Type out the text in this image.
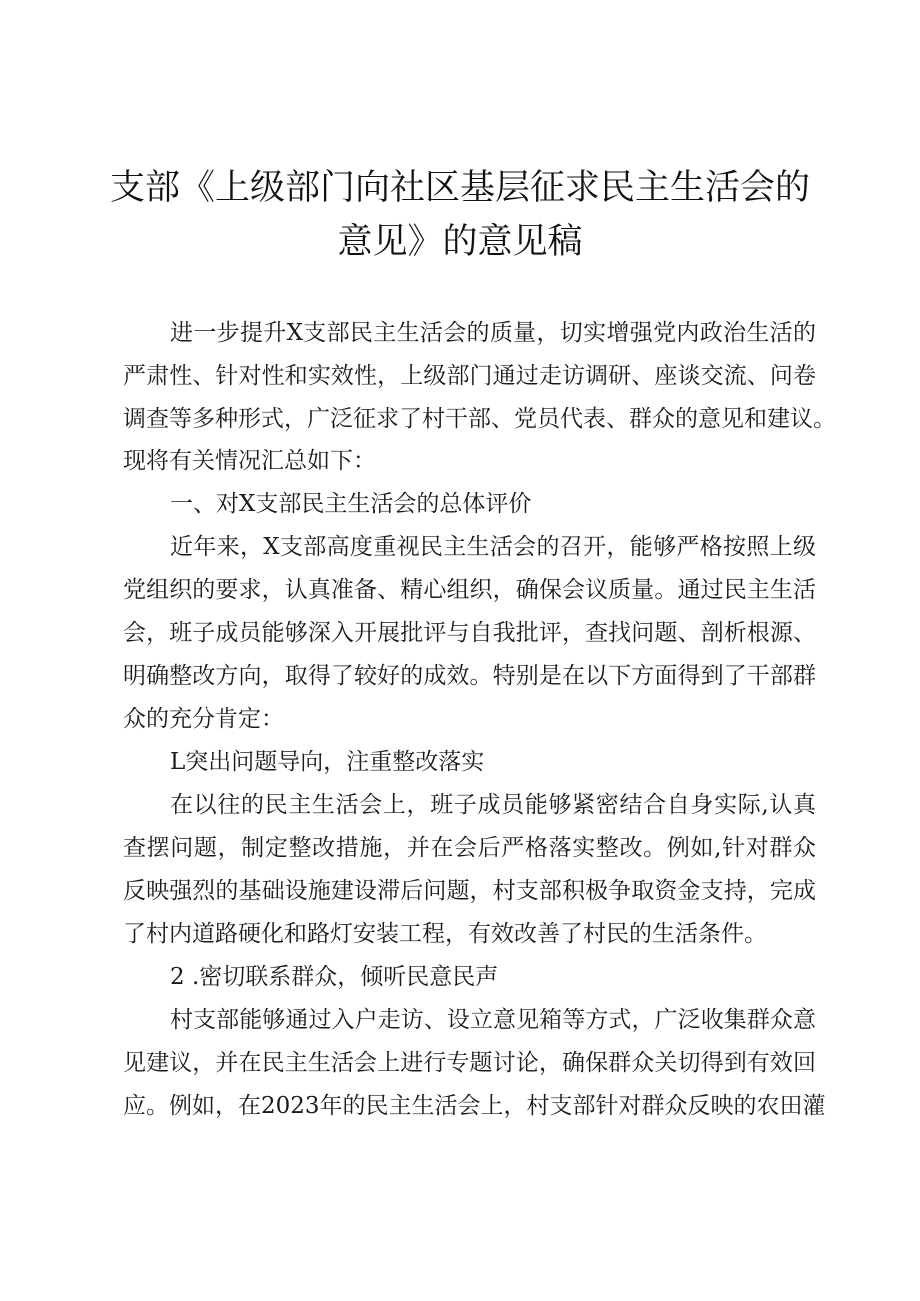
支部《上级部门向社区基层征求民主生活会的
意见》的意见稿
进一步提升X支部民主生活会的质量，切实增强党内政治生活的
严肃性、针对性和实效性，上级部门通过走访调研、座谈交流、问卷
调查等多种形式，广泛征求了村干部、党员代表、群众的意见和建议。
现将有关情况汇总如下：
一、对X支部民主生活会的总体评价
近年来，X支部高度重视民主生活会的召开，能够严格按照上级
党组织的要求，认真准备、精心组织，确保会议质量。通过民主生活
会，班子成员能够深入开展批评与自我批评，查找问题、剖析根源、
明确整改方向，取得了较好的成效。特别是在以下方面得到了干部群
众的充分肯定：
L突出问题导向，注重整改落实
在以往的民主生活会上，班子成员能够紧密结合自身实际,认真
查摆问题，制定整改措施，并在会后严格落实整改。例如,针对群众
反映强烈的基础设施建设滞后问题，村支部积极争取资金支持，完成
了村内道路硬化和路灯安装工程，有效改善了村民的生活条件。
2 .密切联系群众，倾听民意民声
村支部能够通过入户走访、设立意见箱等方式，广泛收集群众意
见建议，并在民主生活会上进行专题讨论，确保群众关切得到有效回
应。例如，在2023年的民主生活会上，村支部针对群众反映的农田灌
